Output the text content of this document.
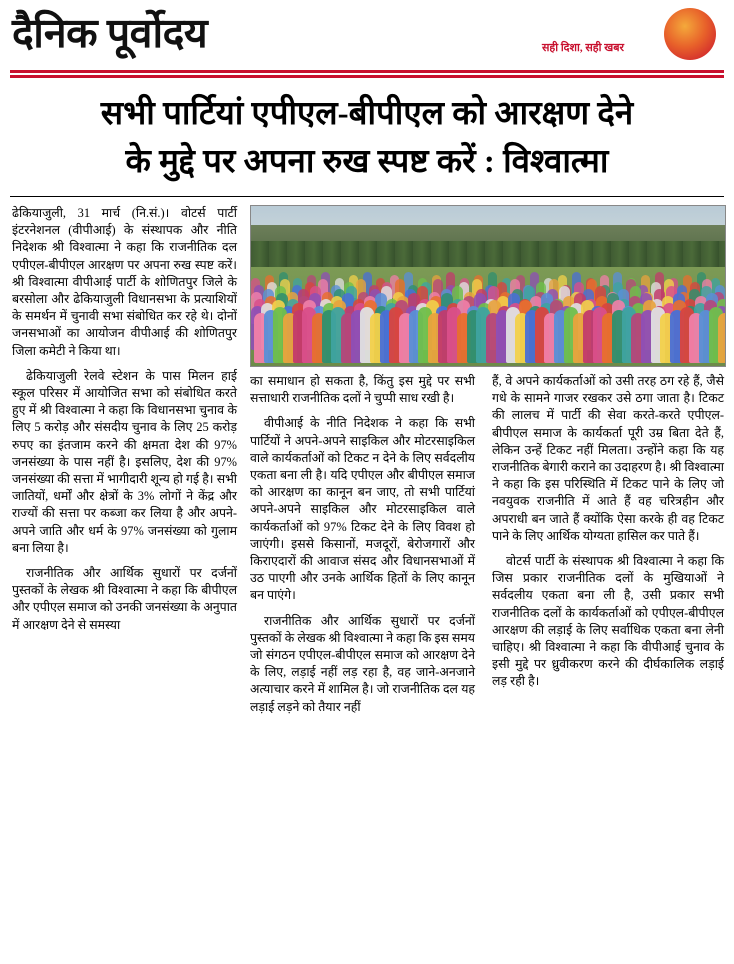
दैनिक पूर्वोदय	सही दिशा, सही खबर
सभी पार्टियां एपीएल-बीपीएल को आरक्षण देने
के मुद्दे पर अपना रुख स्पष्ट करें : विश्वात्मा

ढेकियाजुली, 31 मार्च (नि.सं.)। वोटर्स पार्टी इंटरनेशनल (वीपीआई) के संस्थापक और नीति निदेशक श्री विश्वात्मा ने कहा कि राजनीतिक दल एपीएल-बीपीएल आरक्षण पर अपना रुख स्पष्ट करें। श्री विश्वात्मा वीपीआई पार्टी के शोणितपुर जिले के बरसोला और ढेकियाजुली विधानसभा के प्रत्याशियों के समर्थन में चुनावी सभा संबोधित कर रहे थे। दोनों जनसभाओं का आयोजन वीपीआई की शोणितपुर जिला कमेटी ने किया था।

ढेकियाजुली रेलवे स्टेशन के पास मिलन हाई स्कूल परिसर में आयोजित सभा को संबोधित करते हुए में श्री विश्वात्मा ने कहा कि विधानसभा चुनाव के लिए 5 करोड़ और संसदीय चुनाव के लिए 25 करोड़ रुपए का इंतजाम करने की क्षमता देश की 97% जनसंख्या के पास नहीं है। इसलिए, देश की 97% जनसंख्या की सत्ता में भागीदारी शून्य हो गई है। सभी जातियों, धर्मों और क्षेत्रों के 3% लोगों ने केंद्र और राज्यों की सत्ता पर कब्जा कर लिया है और अपने-अपने जाति और धर्म के 97% जनसंख्या को गुलाम बना लिया है।

राजनीतिक और आर्थिक सुधारों पर दर्जनों पुस्तकों के लेखक श्री विश्वात्मा ने कहा कि बीपीएल और एपीएल समाज को उनकी जनसंख्या के अनुपात में आरक्षण देने से समस्या

का समाधान हो सकता है, किंतु इस मुद्दे पर सभी सत्ताधारी राजनीतिक दलों ने चुप्पी साध रखी है।

वीपीआई के नीति निदेशक ने कहा कि सभी पार्टियों ने अपने-अपने साइकिल और मोटरसाइकिल वाले कार्यकर्ताओं को टिकट न देने के लिए सर्वदलीय एकता बना ली है। यदि एपीएल और बीपीएल समाज को आरक्षण का कानून बन जाए, तो सभी पार्टियां अपने-अपने साइकिल और मोटरसाइकिल वाले कार्यकर्ताओं को 97% टिकट देने के लिए विवश हो जाएंगी। इससे किसानों, मजदूरों, बेरोजगारों और किराएदारों की आवाज संसद और विधानसभाओं में उठ पाएगी और उनके आर्थिक हितों के लिए कानून बन पाएंगे।

राजनीतिक और आर्थिक सुधारों पर दर्जनों पुस्तकों के लेखक श्री विश्वात्मा ने कहा कि इस समय जो संगठन एपीएल-बीपीएल समाज को आरक्षण देने के लिए, लड़ाई नहीं लड़ रहा है, वह जाने-अनजाने अत्याचार करने में शामिल है। जो राजनीतिक दल यह लड़ाई लड़ने को तैयार नहीं

हैं, वे अपने कार्यकर्ताओं को उसी तरह ठग रहे हैं, जैसे गधे के सामने गाजर रखकर उसे ठगा जाता है। टिकट की लालच में पार्टी की सेवा करते-करते एपीएल-बीपीएल समाज के कार्यकर्ता पूरी उम्र बिता देते हैं, लेकिन उन्हें टिकट नहीं मिलता। उन्होंने कहा कि यह राजनीतिक बेगारी कराने का उदाहरण है। श्री विश्वात्मा ने कहा कि इस परिस्थिति में टिकट पाने के लिए जो नवयुवक राजनीति में आते हैं वह चरित्रहीन और अपराधी बन जाते हैं क्योंकि ऐसा करके ही वह टिकट पाने के लिए आर्थिक योग्यता हासिल कर पाते हैं।

वोटर्स पार्टी के संस्थापक श्री विश्वात्मा ने कहा कि जिस प्रकार राजनीतिक दलों के मुखियाओं ने सर्वदलीय एकता बना ली है, उसी प्रकार सभी राजनीतिक दलों के कार्यकर्ताओं को एपीएल-बीपीएल आरक्षण की लड़ाई के लिए सर्वाधिक एकता बना लेनी चाहिए। श्री विश्वात्मा ने कहा कि वीपीआई चुनाव के इसी मुद्दे पर ध्रुवीकरण करने की दीर्घकालिक लड़ाई लड़ रही है।
